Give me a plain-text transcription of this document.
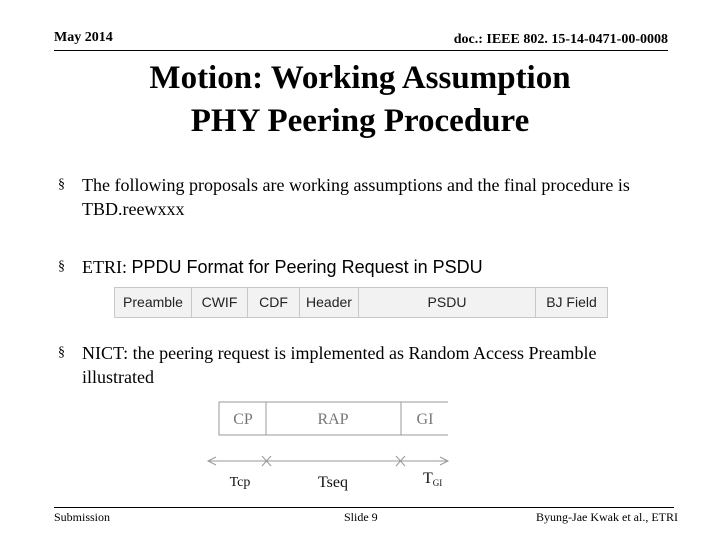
May 2014	doc.: IEEE 802. 15-14-0471-00-0008
Motion: Working Assumption
PHY Peering Procedure
§ The following proposals are working assumptions and the final procedure is TBD.reewxxx
§ ETRI: PPDU Format for Peering Request in PSDU
Preamble	CWIF	CDF	Header	PSDU	BJ Field
§ NICT: the peering request is implemented as Random Access Preamble illustrated
CP	RAP	GI
Tcp	Tseq	TGI
Submission	Slide 9	Byung-Jae Kwak et al., ETRI
